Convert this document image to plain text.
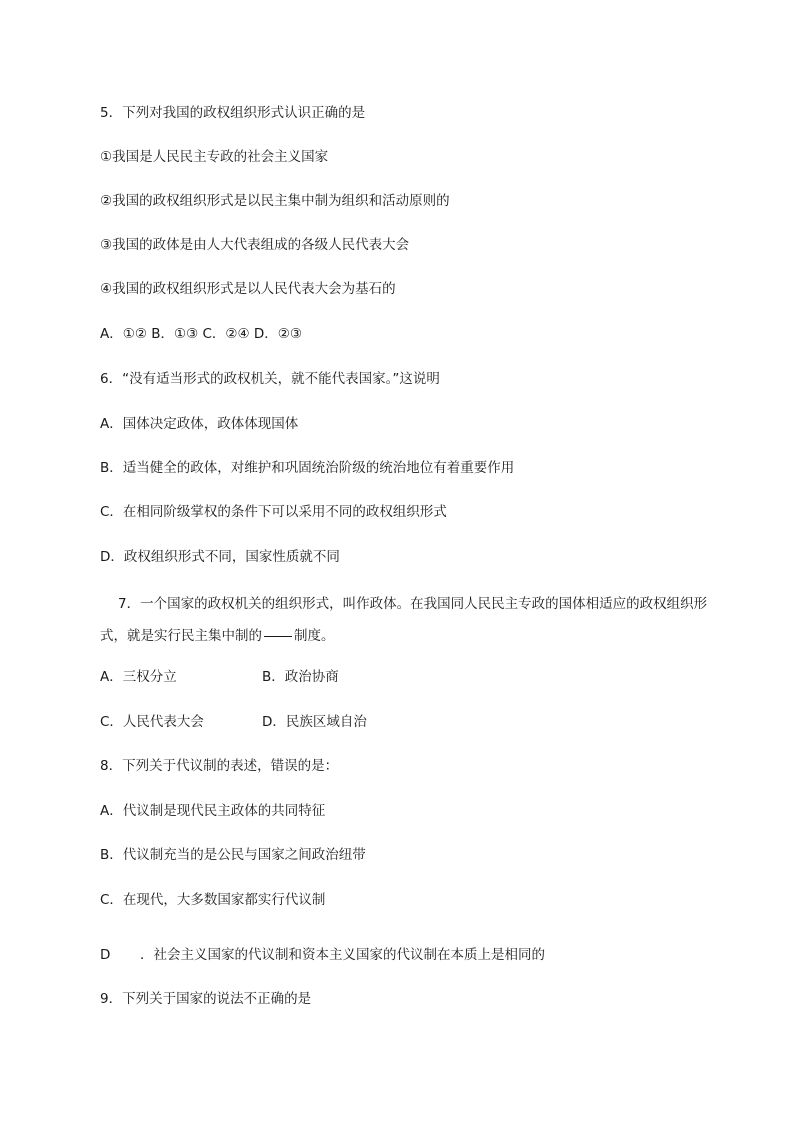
5．下列对我国的政权组织形式认识正确的是
①我国是人民民主专政的社会主义国家
②我国的政权组织形式是以民主集中制为组织和活动原则的
③我国的政体是由人大代表组成的各级人民代表大会
④我国的政权组织形式是以人民代表大会为基石的
A．①② B．①③ C．②④ D．②③
6．“没有适当形式的政权机关，就不能代表国家。”这说明
A．国体决定政体，政体体现国体
B．适当健全的政体，对维护和巩固统治阶级的统治地位有着重要作用
C．在相同阶级掌权的条件下可以采用不同的政权组织形式
D．政权组织形式不同，国家性质就不同
7．一个国家的政权机关的组织形式，叫作政体。在我国同人民民主专政的国体相适应的政权组织形式，就是实行民主集中制的 制度。
A．三权分立	B．政治协商
C．人民代表大会	D．民族区域自治
8．下列关于代议制的表述，错误的是：
A．代议制是现代民主政体的共同特征
B．代议制充当的是公民与国家之间政治纽带
C．在现代，大多数国家都实行代议制
D ．社会主义国家的代议制和资本主义国家的代议制在本质上是相同的
9．下列关于国家的说法不正确的是
